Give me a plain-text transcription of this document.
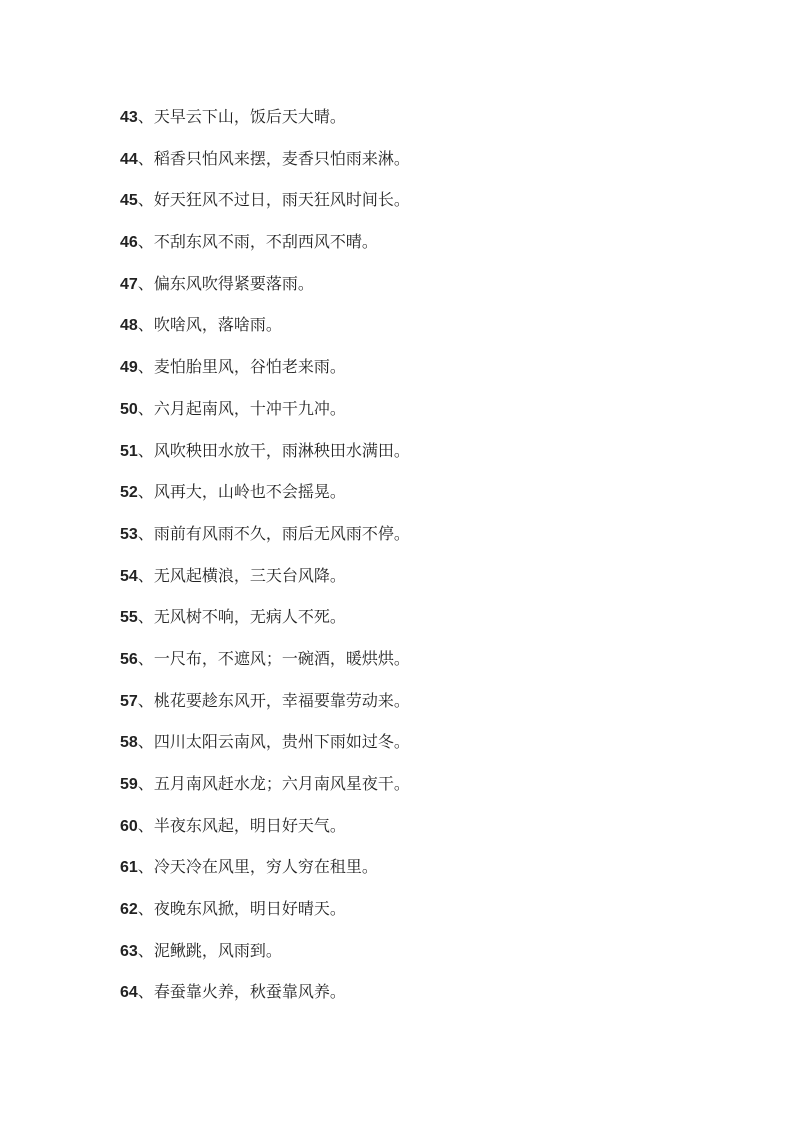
43、天早云下山，饭后天大晴。
44、稻香只怕风来摆，麦香只怕雨来淋。
45、好天狂风不过日，雨天狂风时间长。
46、不刮东风不雨，不刮西风不晴。
47、偏东风吹得紧要落雨。
48、吹啥风，落啥雨。
49、麦怕胎里风，谷怕老来雨。
50、六月起南风，十冲干九冲。
51、风吹秧田水放干，雨淋秧田水满田。
52、风再大，山岭也不会摇晃。
53、雨前有风雨不久，雨后无风雨不停。
54、无风起横浪，三天台风降。
55、无风树不响，无病人不死。
56、一尺布，不遮风；一碗酒，暖烘烘。
57、桃花要趁东风开，幸福要靠劳动来。
58、四川太阳云南风，贵州下雨如过冬。
59、五月南风赶水龙；六月南风星夜干。
60、半夜东风起，明日好天气。
61、冷天冷在风里，穷人穷在租里。
62、夜晚东风掀，明日好晴天。
63、泥鳅跳，风雨到。
64、春蚕靠火养，秋蚕靠风养。
